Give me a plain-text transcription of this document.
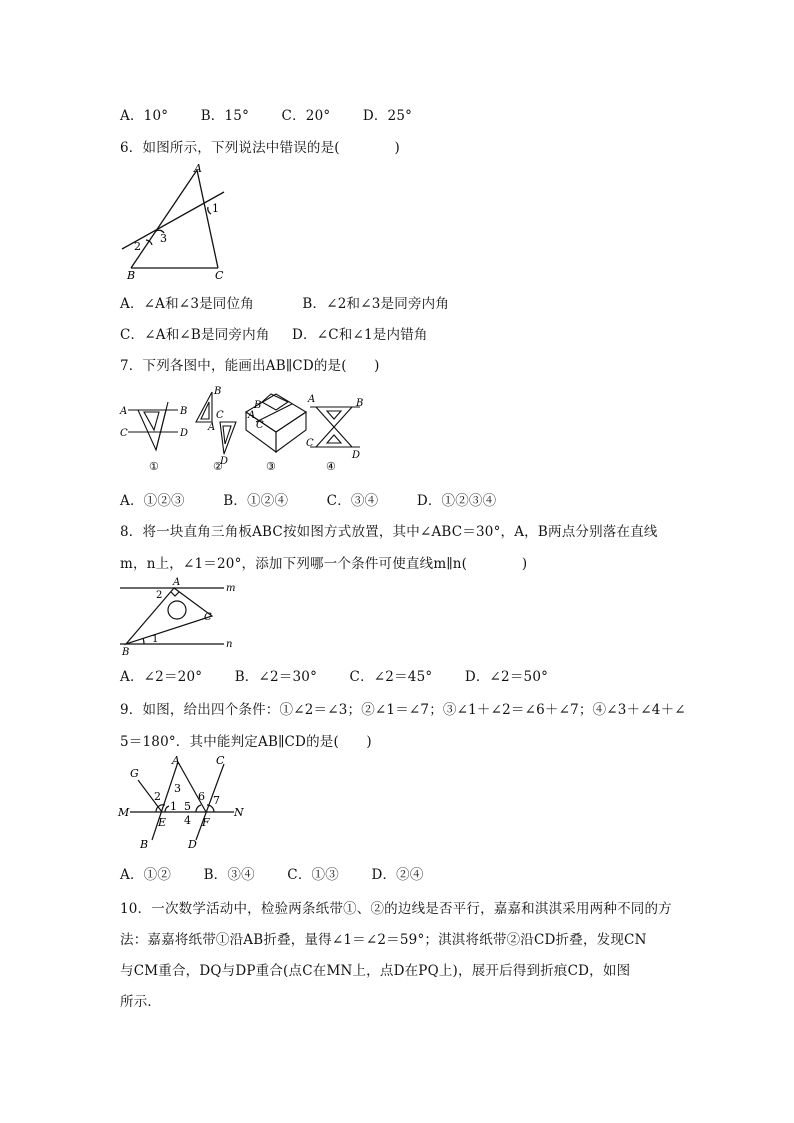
A．10° B．15° C．20° D．25°
6．如图所示，下列说法中错误的是(　　　　)
A
B	C
1
2
3
A．∠A和∠3是同位角	B．∠2和∠3是同旁内角
C．∠A和∠B是同旁内角 D．∠C和∠1是内错角
7．下列各图中，能画出AB∥CD的是(　　)
A	B
C	D
B
A
C
D
B
A
C
A	B
C
D
①	②	③	④
A．①②③	B．①②④	C．③④	D．①②③④
8．将一块直角三角板ABC按如图方式放置，其中∠ABC＝30°，A，B两点分别落在直线
m，n上，∠1＝20°，添加下列哪一个条件可使直线m∥n(　　　　)
A
B
C
m
n
1
2
A．∠2＝20° B．∠2＝30° C．∠2＝45° D．∠2＝50°
9．如图，给出四个条件：①∠2＝∠3；②∠1＝∠7；③∠1＋∠2＝∠6＋∠7；④∠3＋∠4＋∠
5＝180°．其中能判定AB∥CD的是(　　)
G
A	C
M	N
E	F
B	D
1
2
3
4
5
6 7
A．①② B．③④ C．①③ D．②④
10．一次数学活动中，检验两条纸带①、②的边线是否平行，嘉嘉和淇淇采用两种不同的方
法：嘉嘉将纸带①沿AB折叠，量得∠1＝∠2＝59°；淇淇将纸带②沿CD折叠，发现CN
与CM重合，DQ与DP重合(点C在MN上，点D在PQ上)，展开后得到折痕CD，如图
所示．
